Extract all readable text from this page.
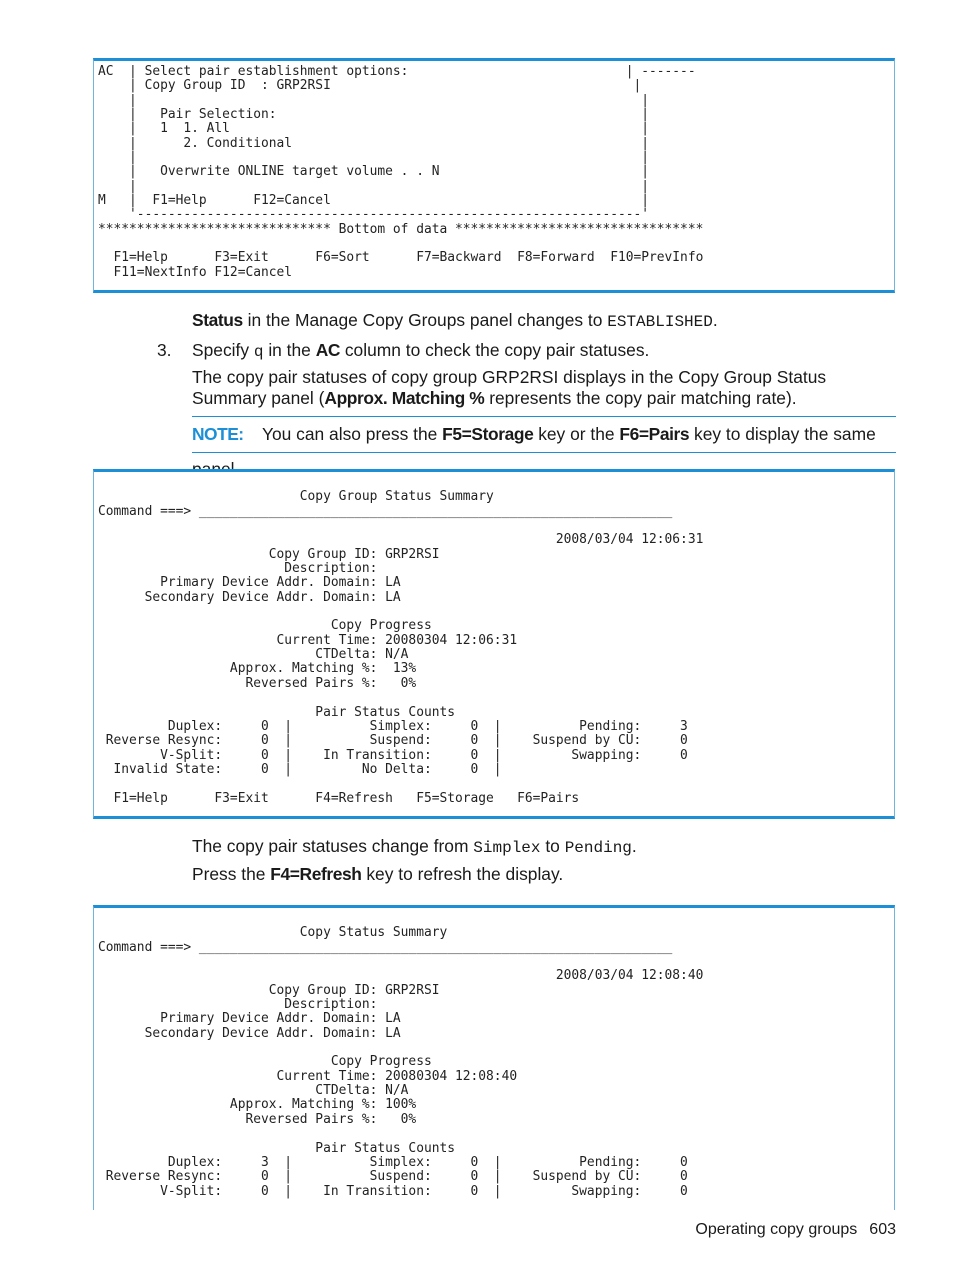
AC  | Select pair establishment options:                            | -------
| Copy Group ID  : GRP2RSI                                       |
|                                                                 |
|   Pair Selection:                                               |
|   1  1. All                                                     |
|      2. Conditional                                             |
|                                                                 |
|   Overwrite ONLINE target volume . . N                          |
|                                                                 |
M   |  F1=Help      F12=Cancel                                        |
'-----------------------------------------------------------------'
****************************** Bottom of data ********************************

F1=Help      F3=Exit      F6=Sort      F7=Backward  F8=Forward  F10=PrevInfo
F11=NextInfo F12=Cancel
Status in the Manage Copy Groups panel changes to ESTABLISHED.
3. Specify q in the AC column to check the copy pair statuses.
The copy pair statuses of copy group GRP2RSI displays in the Copy Group Status Summary panel (Approx. Matching % represents the copy pair matching rate).
NOTE: You can also press the F5=Storage key or the F6=Pairs key to display the same

Copy Group Status Summary
Command ===> _____________________________________________________________

2008/03/04 12:06:31
Copy Group ID: GRP2RSI
Description:
Primary Device Addr. Domain: LA
Secondary Device Addr. Domain: LA

Copy Progress
Current Time: 20080304 12:06:31
CTDelta: N/A
Approx. Matching %:  13%
Reversed Pairs %:   0%

Pair Status Counts
Duplex:     0  |          Simplex:     0  |          Pending:     3
Reverse Resync:     0  |          Suspend:     0  |    Suspend by CU:     0
V-Split:     0  |    In Transition:     0  |         Swapping:     0
Invalid State:     0  |         No Delta:     0  |

F1=Help      F3=Exit      F4=Refresh   F5=Storage   F6=Pairs
The copy pair statuses change from Simplex to Pending.
Press the F4=Refresh key to refresh the display.

Copy Status Summary
Command ===> _____________________________________________________________

2008/03/04 12:08:40
Copy Group ID: GRP2RSI
Description:
Primary Device Addr. Domain: LA
Secondary Device Addr. Domain: LA

Copy Progress
Current Time: 20080304 12:08:40
CTDelta: N/A
Approx. Matching %: 100%
Reversed Pairs %:   0%

Pair Status Counts
Duplex:     3  |          Simplex:     0  |          Pending:     0
Reverse Resync:     0  |          Suspend:     0  |    Suspend by CU:     0
V-Split:     0  |    In Transition:     0  |         Swapping:     0
Operating copy groups 603
